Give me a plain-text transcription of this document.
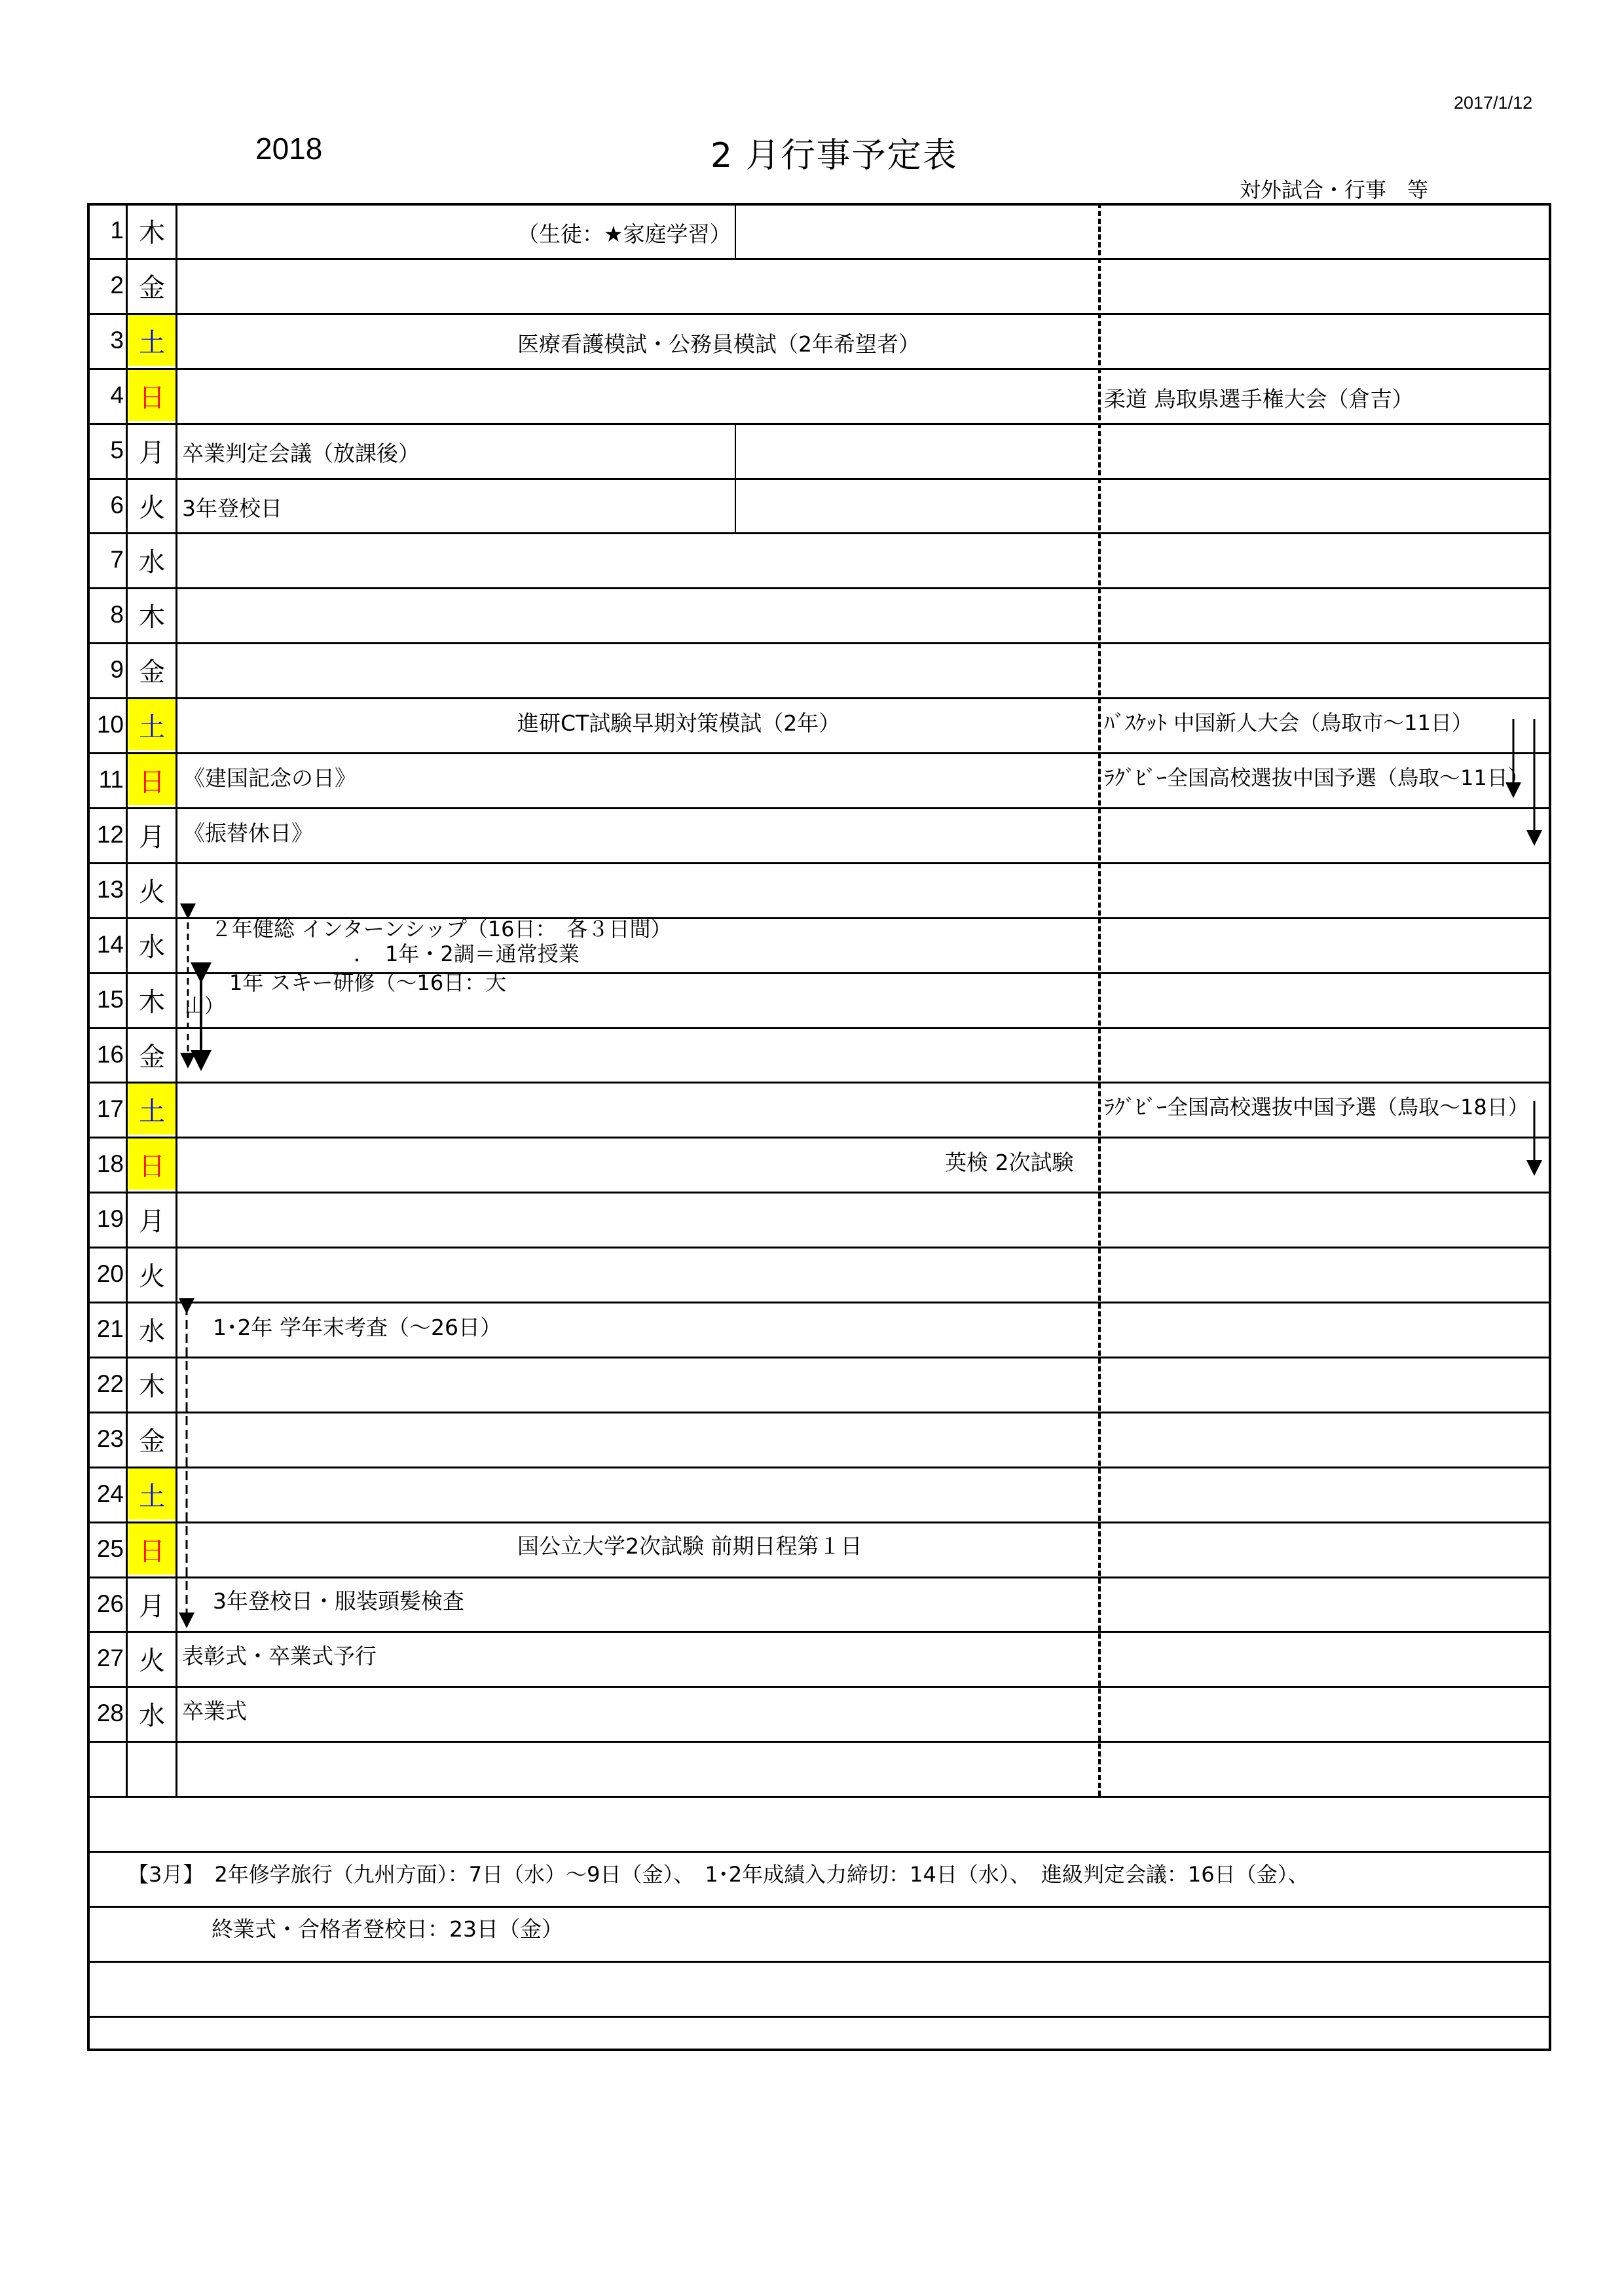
2017/1/12
2018	2 月行事予定表
対外試合・行事　等
1 木
2 金
3 土
4 日
5 月
6 火
7 水
8 木
9 金
10 土
11 日
12 月
13 火
14 水
15 木
16 金
17 土
18 日
19 月
20 火
21 水
22 木
23 金
24 土
25 日
26 月
27 火
28 水
（生徒：★家庭学習）
医療看護模試・公務員模試（2年希望者）
卒業判定会議（放課後）
3年登校日
進研CT試験早期対策模試（2年）
《建国記念の日》
《振替休日》
２年健総 インターンシップ（16日：　各３日間）
．　1年・2調＝通常授業
1年 スキー研修（～16日：大
山）
英検 2次試験
1･2年 学年末考査（～26日）
国公立大学2次試験 前期日程第１日
3年登校日・服装頭髪検査
表彰式・卒業式予行
卒業式
柔道 鳥取県選手権大会（倉吉）
ﾊﾞｽｹｯﾄ 中国新人大会（鳥取市～11日）
ﾗｸﾞﾋﾞｰ全国高校選抜中国予選（鳥取～11日）
ﾗｸﾞﾋﾞｰ全国高校選抜中国予選（鳥取～18日）
【3月】　2年修学旅行（九州方面）：7日（水）～9日（金）、　1･2年成績入力締切：14日（水）、　進級判定会議：16日（金）、
終業式・合格者登校日：23日（金）
